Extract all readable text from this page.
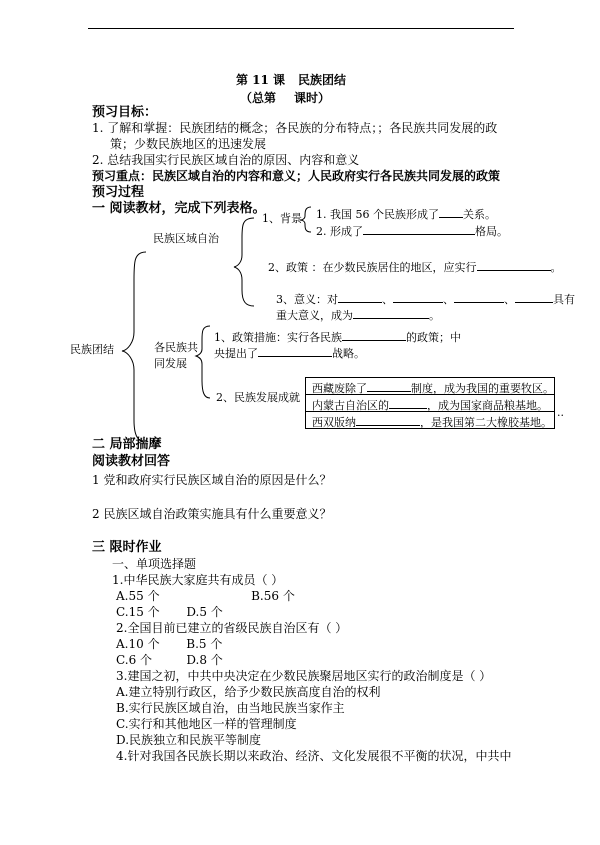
第 11 课 民族团结
（总第 课时）
预习目标：
1. 了解和掌握：民族团结的概念；各民族的分布特点；；各民族共同发展的政
策；少数民族地区的迅速发展
2. 总结我国实行民族区域自治的原因、内容和意义
预习重点：民族区域自治的内容和意义；人民政府实行各民族共同发展的政策
预习过程
一 阅读教材，完成下列表格。
民族团结
民族区域自治
1、背景 1. 我国 56 个民族形成了 关系。
2. 形成了	格局。
2、政策 ：在少数民族居住的地区，应实行	。
3、意义：对	、	、	、	具有
重大意义，成为	。
各民族共
同发展
1、政策措施：实行各民族	的政策；中
央提出了	战略。
2、民族发展成就
西藏废除了	制度，成为我国的重要牧区。
内蒙古自治区的	，成为国家商品粮基地。
西双版纳	，是我国第二大橡胶基地。
··
二 局部揣摩
阅读教材回答
1 党和政府实行民族区域自治的原因是什么？
2 民族区域自治政策实施具有什么重要意义？
三 限时作业
一、单项选择题
1.中华民族大家庭共有成员（ ）
A.55 个                        B.56 个
C.15 个       D.5 个
2.全国目前已建立的省级民族自治区有（ ）
A.10 个       B.5 个
C.6 个         D.8 个
3.建国之初，中共中央决定在少数民族聚居地区实行的政治制度是（ ）
A.建立特别行政区，给予少数民族高度自治的权利
B.实行民族区域自治，由当地民族当家作主
C.实行和其他地区一样的管理制度
D.民族独立和民族平等制度
4.针对我国各民族长期以来政治、经济、文化发展很不平衡的状况，中共中
